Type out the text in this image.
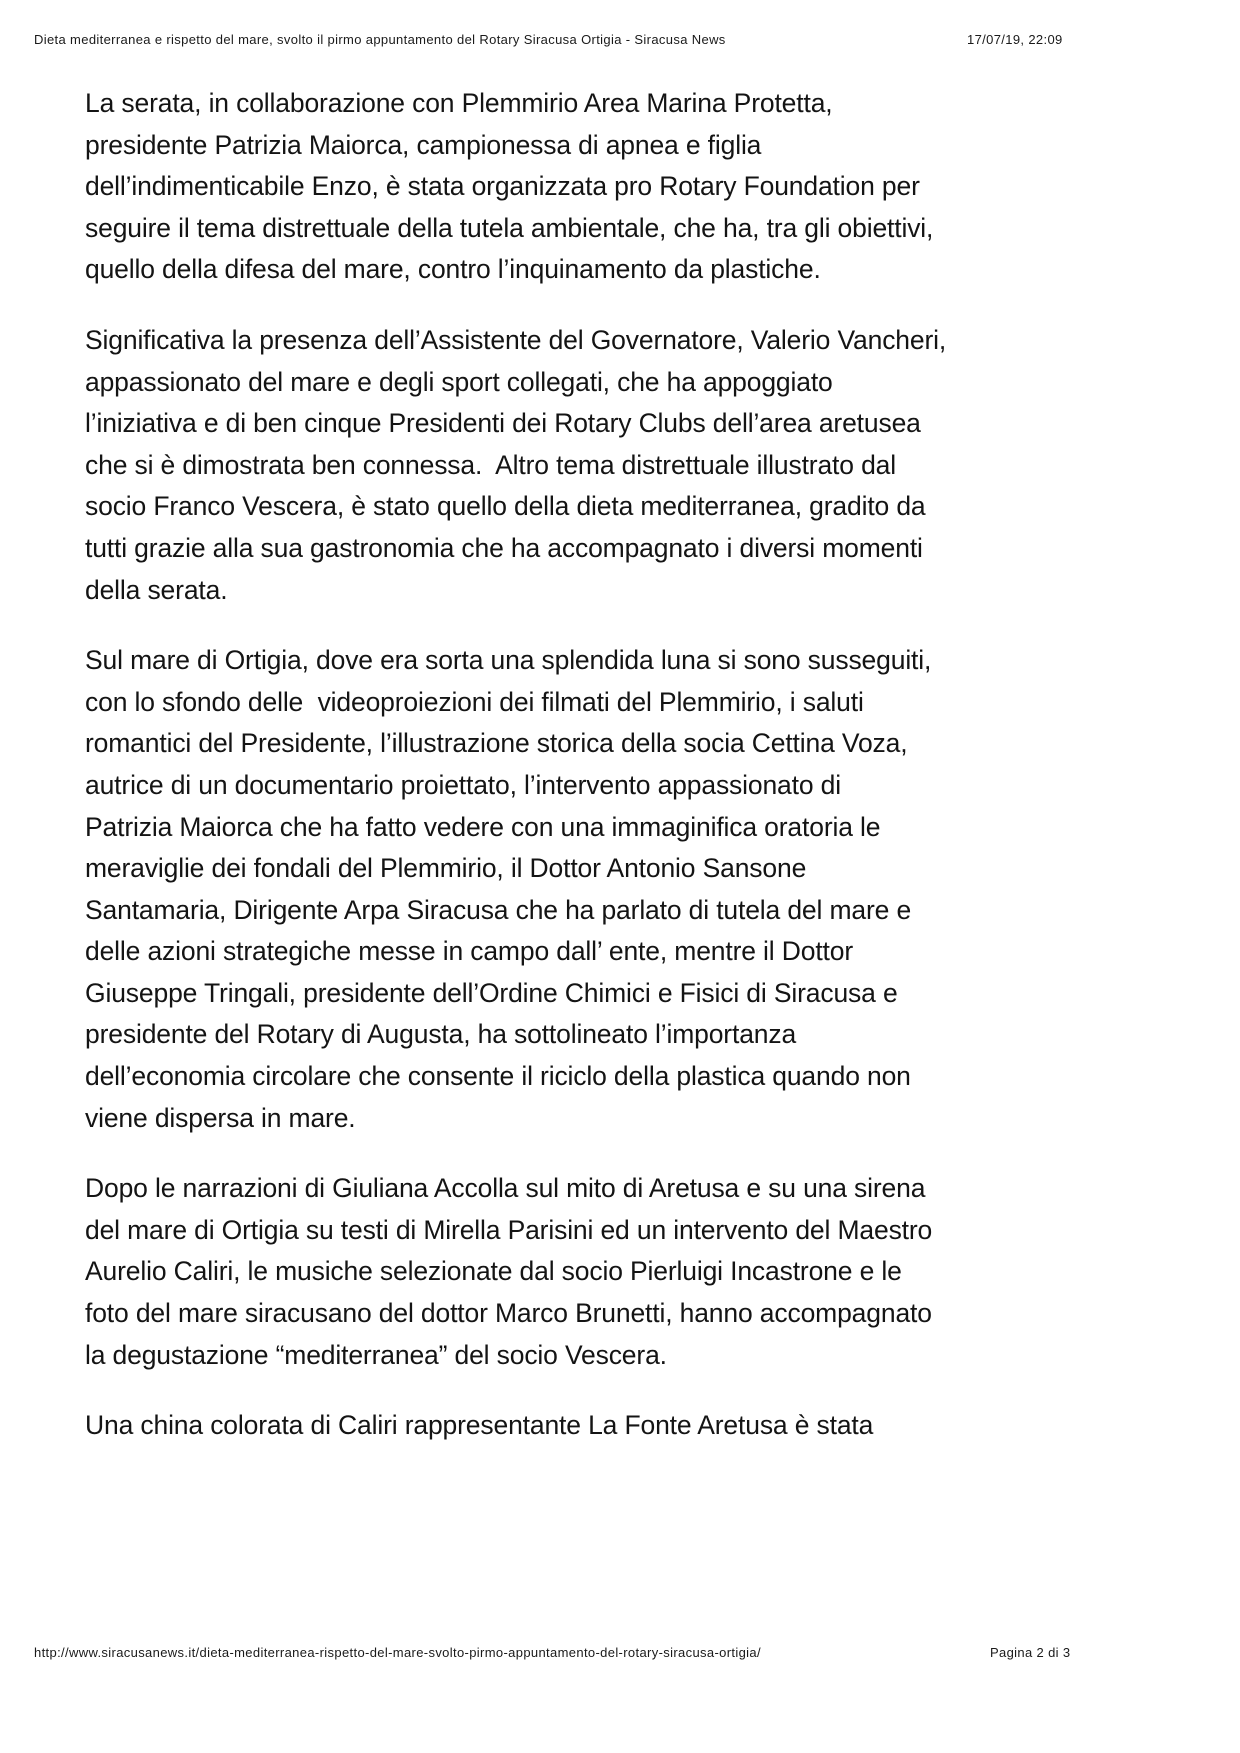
Dieta mediterranea e rispetto del mare, svolto il pirmo appuntamento del Rotary Siracusa Ortigia - Siracusa News	17/07/19, 22:09

La serata, in collaborazione con Plemmirio Area Marina Protetta,
presidente Patrizia Maiorca, campionessa di apnea e figlia
dell’indimenticabile Enzo, è stata organizzata pro Rotary Foundation per
seguire il tema distrettuale della tutela ambientale, che ha, tra gli obiettivi,
quello della difesa del mare, contro l’inquinamento da plastiche.

Significativa la presenza dell’Assistente del Governatore, Valerio Vancheri,
appassionato del mare e degli sport collegati, che ha appoggiato
l’iniziativa e di ben cinque Presidenti dei Rotary Clubs dell’area aretusea
che si è dimostrata ben connessa.  Altro tema distrettuale illustrato dal
socio Franco Vescera, è stato quello della dieta mediterranea, gradito da
tutti grazie alla sua gastronomia che ha accompagnato i diversi momenti
della serata.

Sul mare di Ortigia, dove era sorta una splendida luna si sono susseguiti,
con lo sfondo delle  videoproiezioni dei filmati del Plemmirio, i saluti
romantici del Presidente, l’illustrazione storica della socia Cettina Voza,
autrice di un documentario proiettato, l’intervento appassionato di
Patrizia Maiorca che ha fatto vedere con una immaginifica oratoria le
meraviglie dei fondali del Plemmirio, il Dottor Antonio Sansone
Santamaria, Dirigente Arpa Siracusa che ha parlato di tutela del mare e
delle azioni strategiche messe in campo dall’ ente, mentre il Dottor
Giuseppe Tringali, presidente dell’Ordine Chimici e Fisici di Siracusa e
presidente del Rotary di Augusta, ha sottolineato l’importanza
dell’economia circolare che consente il riciclo della plastica quando non
viene dispersa in mare.

Dopo le narrazioni di Giuliana Accolla sul mito di Aretusa e su una sirena
del mare di Ortigia su testi di Mirella Parisini ed un intervento del Maestro
Aurelio Caliri, le musiche selezionate dal socio Pierluigi Incastrone e le
foto del mare siracusano del dottor Marco Brunetti, hanno accompagnato
la degustazione “mediterranea” del socio Vescera.

Una china colorata di Caliri rappresentante La Fonte Aretusa è stata

http://www.siracusanews.it/dieta-mediterranea-rispetto-del-mare-svolto-pirmo-appuntamento-del-rotary-siracusa-ortigia/	Pagina 2 di 3
